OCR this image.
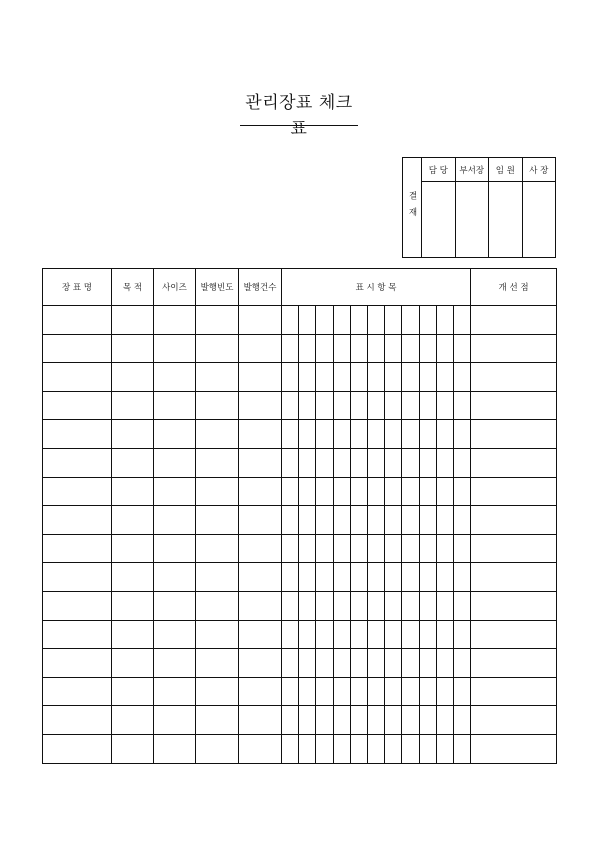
관리장표 체크표
결재	담 당	부서장	임 원	사 장

장 표 명	목 적	사이즈	발행빈도	발행건수	표 시 항 목											개 선 점
